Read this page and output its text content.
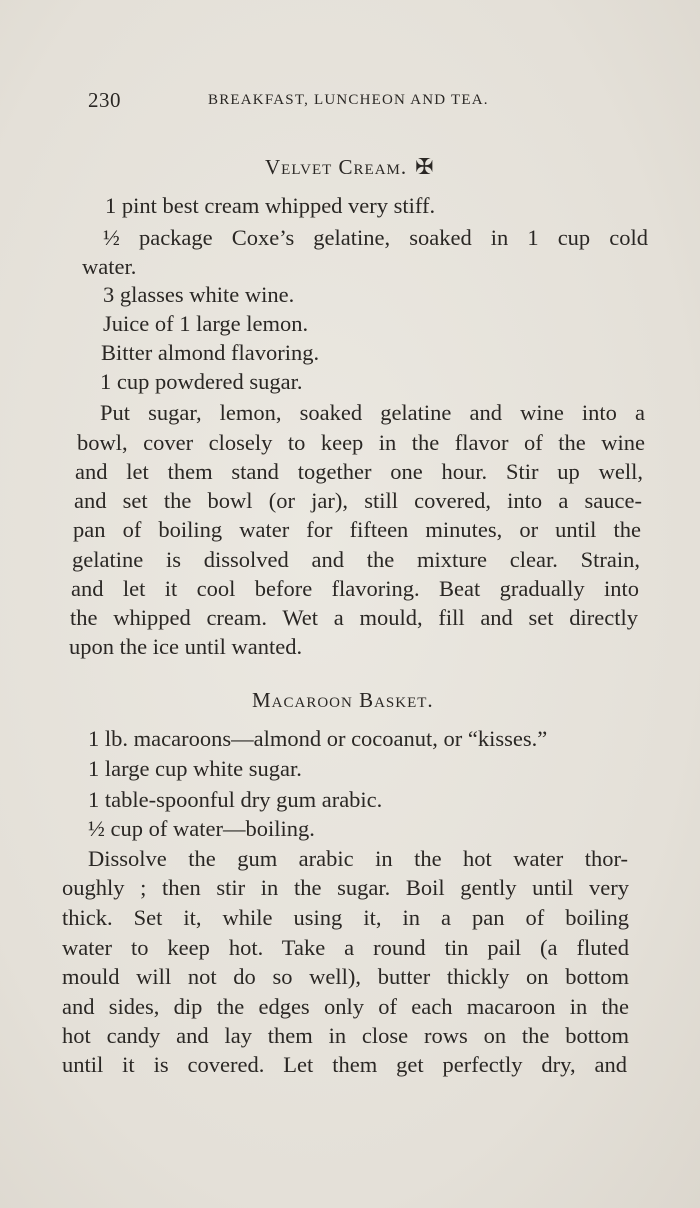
230	BREAKFAST, LUNCHEON AND TEA.
Velvet Cream. ✠
1 pint best cream whipped very stiff.
½ package Coxe’s gelatine, soaked in 1 cup cold
water.
3 glasses white wine.
Juice of 1 large lemon.
Bitter almond flavoring.
1 cup powdered sugar.
Put sugar, lemon, soaked gelatine and wine into a
bowl, cover closely to keep in the flavor of the wine
and let them stand together one hour. Stir up well,
and set the bowl (or jar), still covered, into a sauce-
pan of boiling water for fifteen minutes, or until the
gelatine is dissolved and the mixture clear. Strain,
and let it cool before flavoring. Beat gradually into
the whipped cream. Wet a mould, fill and set directly
upon the ice until wanted.
Macaroon Basket.
1 lb. macaroons—almond or cocoanut, or “kisses.”
1 large cup white sugar.
1 table-spoonful dry gum arabic.
½ cup of water—boiling.
Dissolve the gum arabic in the hot water thor-
oughly ; then stir in the sugar. Boil gently until very
thick. Set it, while using it, in a pan of boiling
water to keep hot. Take a round tin pail (a fluted
mould will not do so well), butter thickly on bottom
and sides, dip the edges only of each macaroon in the
hot candy and lay them in close rows on the bottom
until it is covered. Let them get perfectly dry, and
